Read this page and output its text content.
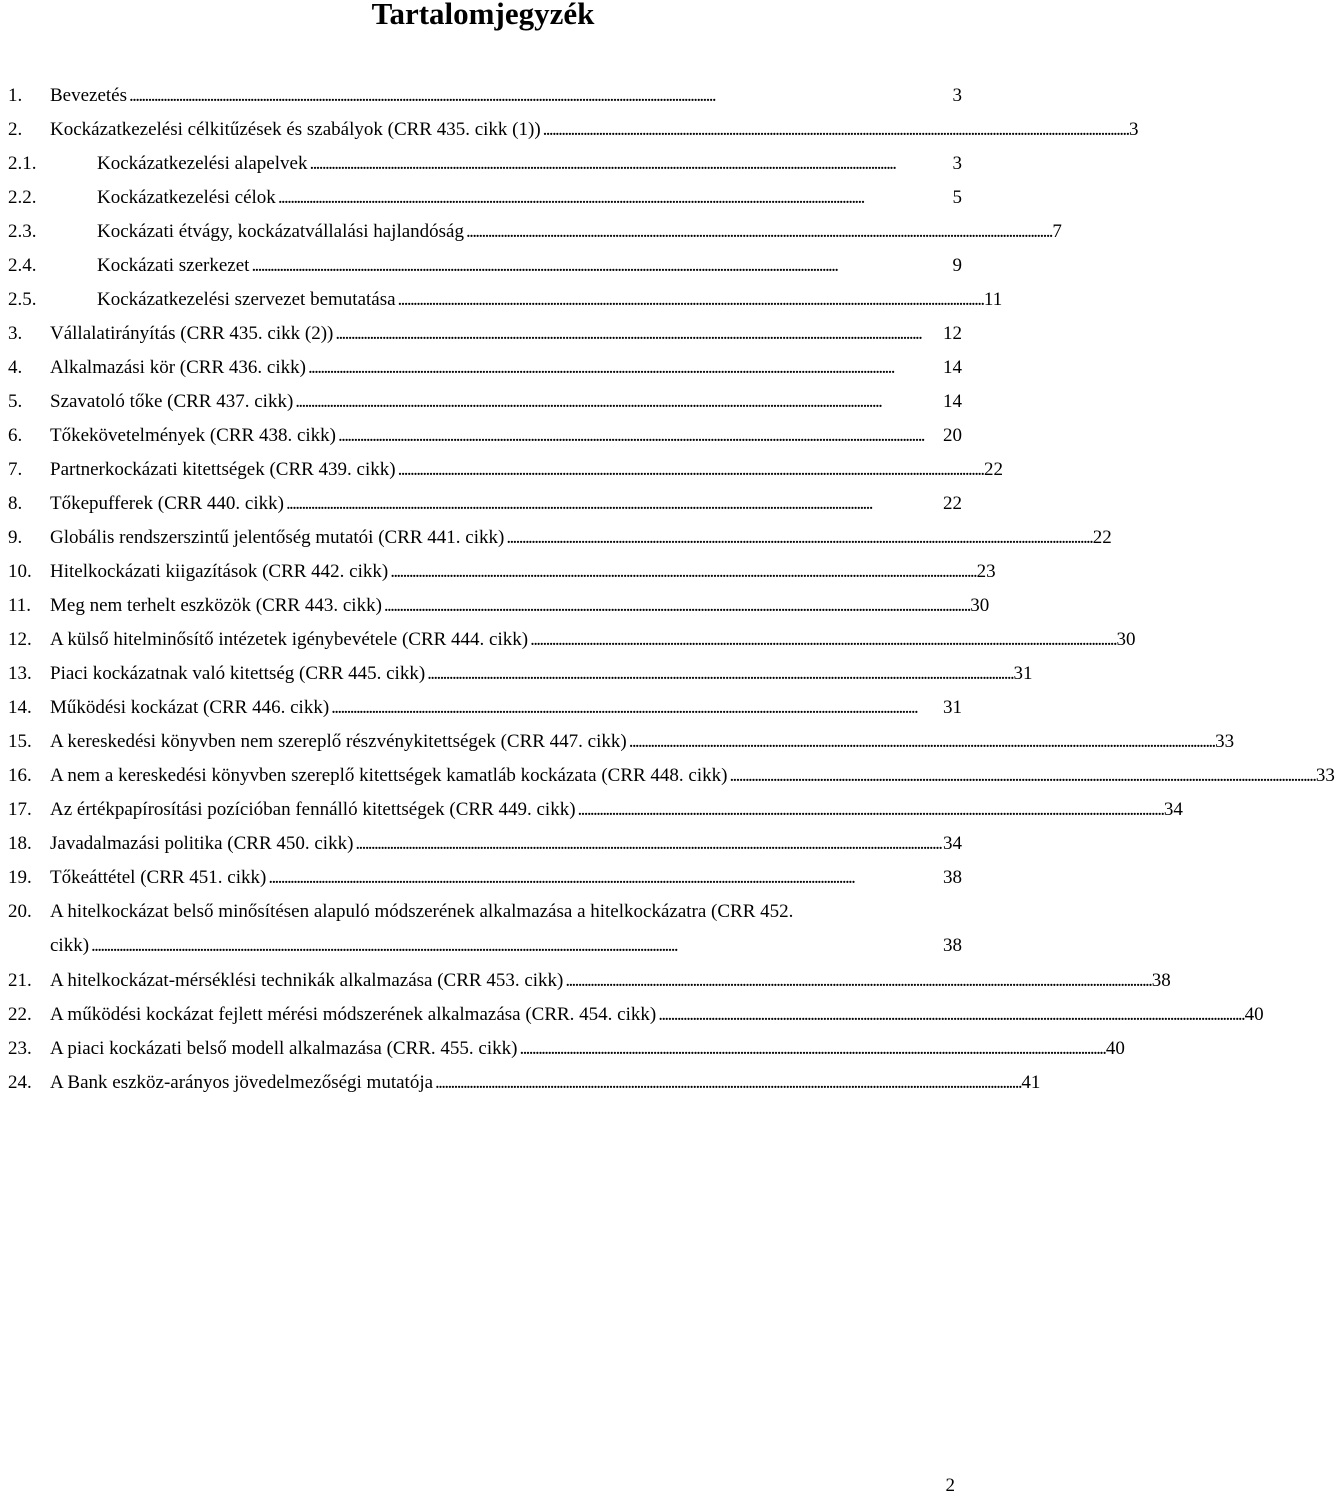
Tartalomjegyzék
1. Bevezetés . . .	3
2. Kockázatkezelési célkitűzések és szabályok (CRR 435. cikk (1)) . . .	3
2.1.	Kockázatkezelési alapelvek . . .	3
2.2.	Kockázatkezelési célok . . .	5
2.3.	Kockázati étvágy, kockázatvállalási hajlandóság . . .	7
2.4.	Kockázati szerkezet . . .	9
2.5.	Kockázatkezelési szervezet bemutatása . . .	11
3. Vállalatirányítás (CRR 435. cikk (2)) . . .	12
4. Alkalmazási kör (CRR 436. cikk) . . .	14
5. Szavatoló tőke (CRR 437. cikk) . . .	14
6. Tőkekövetelmények (CRR 438. cikk) . . .	20
7. Partnerkockázati kitettségek (CRR 439. cikk) . . .	22
8. Tőkepufferek (CRR 440. cikk) . . .	22
9. Globális rendszerszintű jelentőség mutatói (CRR 441. cikk) . . .	22
10. Hitelkockázati kiigazítások (CRR 442. cikk) . . .	23
11. Meg nem terhelt eszközök (CRR 443. cikk) . . .	30
12. A külső hitelminősítő intézetek igénybevétele (CRR 444. cikk) . . .	30
13. Piaci kockázatnak való kitettség (CRR 445. cikk) . . .	31
14. Működési kockázat (CRR 446. cikk) . . .	31
15. A kereskedési könyvben nem szereplő részvénykitettségek (CRR 447. cikk) . . .	33
16. A nem a kereskedési könyvben szereplő kitettségek kamatláb kockázata (CRR 448. cikk) . . .	33
17. Az értékpapírosítási pozícióban fennálló kitettségek (CRR 449. cikk) . . .	34
18. Javadalmazási politika (CRR 450. cikk) . . .	34
19. Tőkeáttétel (CRR 451. cikk) . . .	38
20. A hitelkockázat belső minősítésen alapuló módszerének alkalmazása a hitelkockázatra (CRR 452.
cikk) . . .	38
21. A hitelkockázat-mérséklési technikák alkalmazása (CRR 453. cikk) . . .	38
22. A működési kockázat fejlett mérési módszerének alkalmazása (CRR. 454. cikk) . . .	40
23. A piaci kockázati belső modell alkalmazása (CRR. 455. cikk) . . .	40
24. A Bank eszköz-arányos jövedelmezőségi mutatója . . .	41
2
